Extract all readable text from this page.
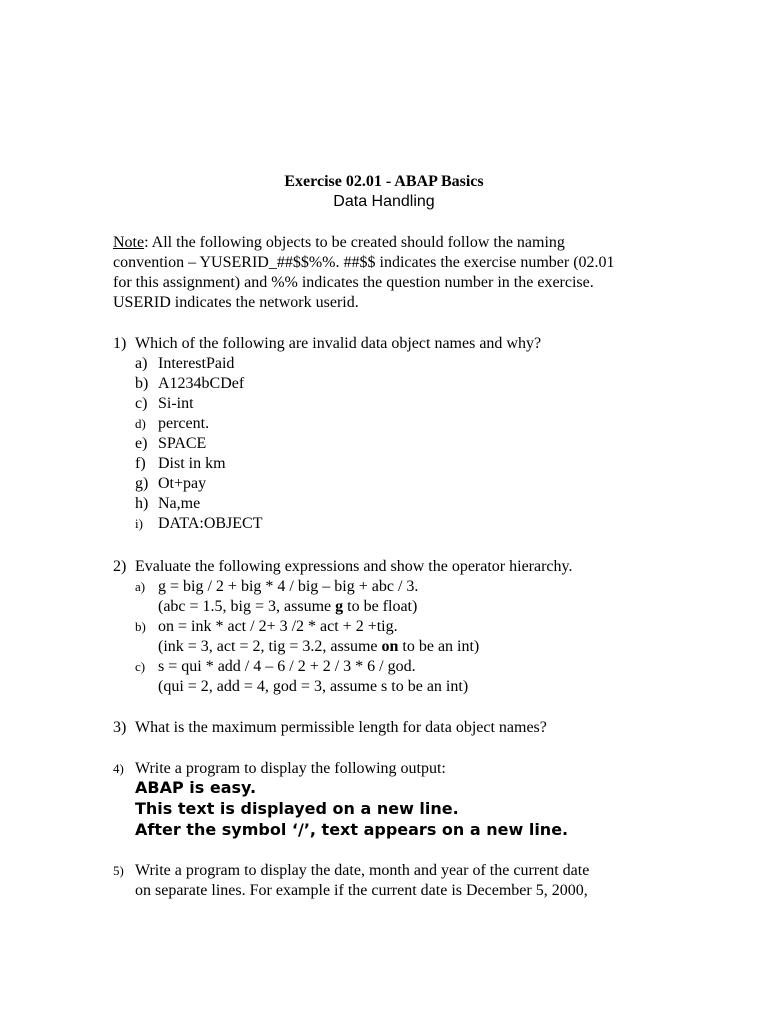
Exercise 02.01 - ABAP Basics
Data Handling
Note: All the following objects to be created should follow the naming convention – YUSERID_##$$%%. ##$$ indicates the exercise number (02.01 for this assignment) and %% indicates the question number in the exercise. USERID indicates the network userid.
1) Which of the following are invalid data object names and why?
a) InterestPaid
b) A1234bCDef
c) Si-int
d) percent.
e) SPACE
f) Dist in km
g) Ot+pay
h) Na,me
i) DATA:OBJECT
2) Evaluate the following expressions and show the operator hierarchy.
a) g = big / 2 + big * 4 / big – big + abc / 3.
(abc = 1.5, big = 3, assume g to be float)
b) on = ink * act / 2+ 3 /2 * act + 2 +tig.
(ink = 3, act = 2, tig = 3.2, assume on to be an int)
c) s = qui * add / 4 – 6 / 2 + 2 / 3 * 6 / god.
(qui = 2, add = 4, god = 3, assume s to be an int)
3) What is the maximum permissible length for data object names?
4) Write a program to display the following output:
ABAP is easy.
This text is displayed on a new line.
After the symbol ‘/’, text appears on a new line.
5) Write a program to display the date, month and year of the current date
on separate lines. For example if the current date is December 5, 2000,
